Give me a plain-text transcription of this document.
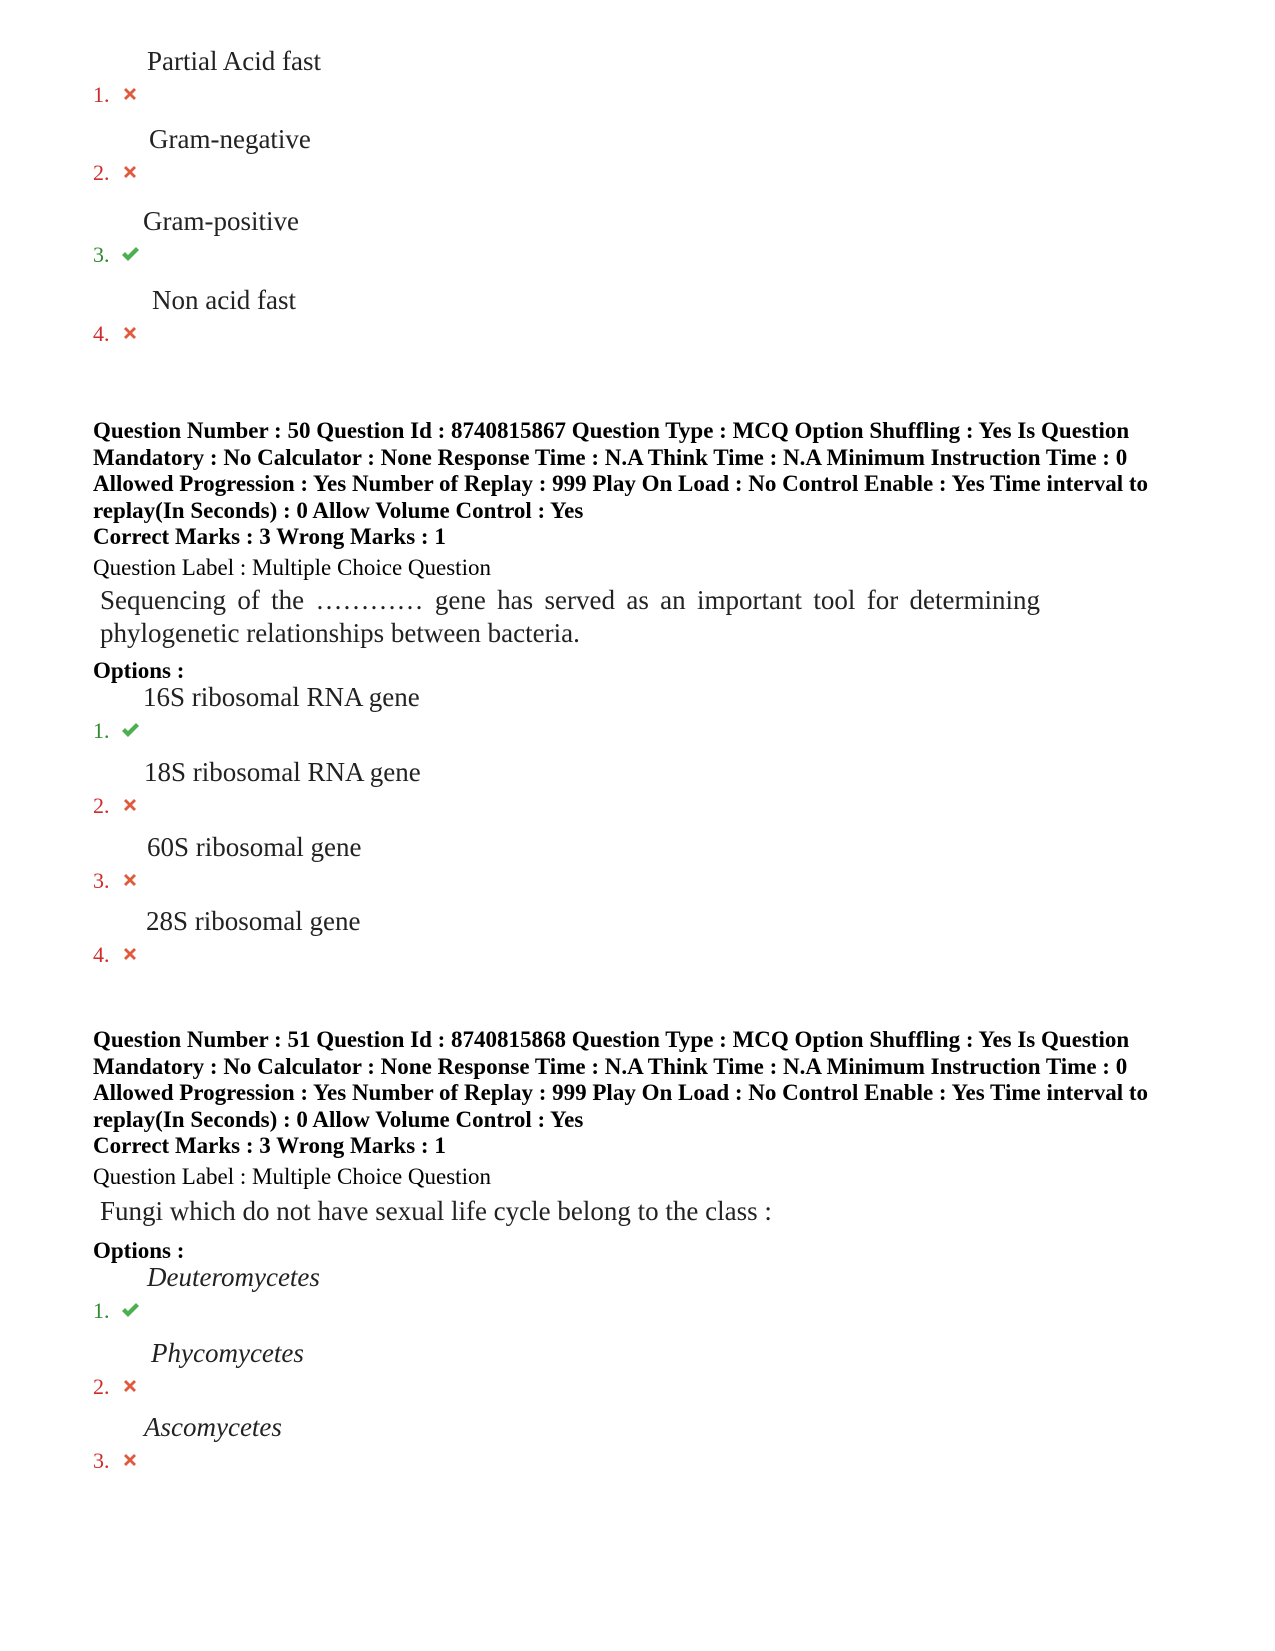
1.
Partial Acid fast
2.
Gram-negative
3.
Gram-positive
4.
Non acid fast
Question Number : 50 Question Id : 8740815867 Question Type : MCQ Option Shuffling : Yes Is Question Mandatory : No Calculator : None Response Time : N.A Think Time : N.A Minimum Instruction Time : 0 Allowed Progression : Yes Number of Replay : 999 Play On Load : No Control Enable : Yes Time interval to replay(In Seconds) : 0 Allow Volume Control : Yes
Correct Marks : 3 Wrong Marks : 1
Question Label : Multiple Choice Question
Sequencing of the ………… gene has served as an important tool for determining phylogenetic relationships between bacteria.
Options :
1.
16S ribosomal RNA gene
2.
18S ribosomal RNA gene
3.
60S ribosomal gene
4.
28S ribosomal gene
Question Number : 51 Question Id : 8740815868 Question Type : MCQ Option Shuffling : Yes Is Question Mandatory : No Calculator : None Response Time : N.A Think Time : N.A Minimum Instruction Time : 0 Allowed Progression : Yes Number of Replay : 999 Play On Load : No Control Enable : Yes Time interval to replay(In Seconds) : 0 Allow Volume Control : Yes
Correct Marks : 3 Wrong Marks : 1
Question Label : Multiple Choice Question
Fungi which do not have sexual life cycle belong to the class :
Options :
1.
Deuteromycetes
2.
Phycomycetes
3.
Ascomycetes
